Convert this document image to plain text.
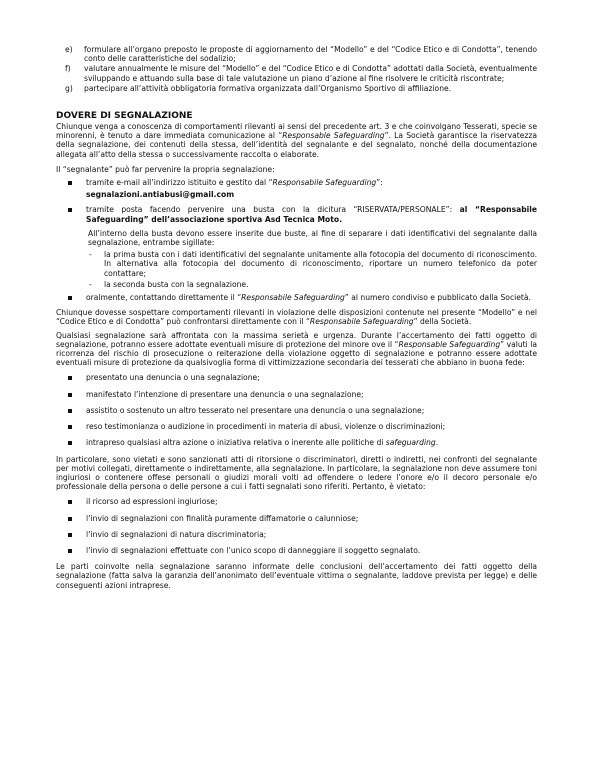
e) formulare all’organo preposto le proposte di aggiornamento del “Modello” e del “Codice Etico e di Condotta”, tenendo conto delle caratteristiche del sodalizio;
f) valutare annualmente le misure del “Modello” e del “Codice Etico e di Condotta” adottati dalla Società, eventualmente sviluppando e attuando sulla base di tale valutazione un piano d’azione al fine risolvere le criticità riscontrate;
g) partecipare all’attività obbligatoria formativa organizzata dall’Organismo Sportivo di affiliazione.
DOVERE DI SEGNALAZIONE

Chiunque venga a conoscenza di comportamenti rilevanti ai sensi del precedente art. 3 e che coinvolgano Tesserati, specie se minorenni, è tenuto a dare immediata comunicazione al “Responsable Safeguarding”. La Società garantisce la riservatezza della segnalazione, dei contenuti della stessa, dell’identità del segnalante e del segnalato, nonché della documentazione allegata all’atto della stessa o successivamente raccolta o elaborate.

Il “segnalante” può far pervenire la propria segnalazione:

tramite e-mail all’indirizzo istituito e gestito dal “Responsabile Safeguarding”:
segnalazioni.antiabusi@gmail.com
tramite posta facendo pervenire una busta con la dicitura “RISERVATA/PERSONALE”: al “Responsabile Safeguarding” dell’associazione sportiva Asd Tecnica Moto.

All’interno della busta devono essere inserite due buste, al fine di separare i dati identificativi del segnalante dalla segnalazione, entrambe sigillate:

- la prima busta con i dati identificativi del segnalante unitamente alla fotocopia del documento di riconoscimento. In alternativa alla fotocopia del documento di riconoscimento, riportare un numero telefonico da poter contattare;
- la seconda busta con la segnalazione.
oralmente, contattando direttamente il “Responsabile Safeguarding” al numero condiviso e pubblicato dalla Società.

Chiunque dovesse sospettare comportamenti rilevanti in violazione delle disposizioni contenute nel presente “Modello” e nel “Codice Etico e di Condotta” può confrontarsi direttamente con il “Responsabile Safeguarding” della Società.

Qualsiasi segnalazione sarà affrontata con la massima serietà e urgenza. Durante l’accertamento dei fatti oggetto di segnalazione, potranno essere adottate eventuali misure di protezione del minore ove il “Responsable Safeguarding” valuti la ricorrenza del rischio di prosecuzione o reiterazione della violazione oggetto di segnalazione e potranno essere adottate eventuali misure di protezione da qualsivoglia forma di vittimizzazione secondaria dei tesserati che abbiano in buona fede:

presentato una denuncia o una segnalazione;
manifestato l’intenzione di presentare una denuncia o una segnalazione;
assistito o sostenuto un altro tesserato nel presentare una denuncia o una segnalazione;
reso testimonianza o audizione in procedimenti in materia di abusi, violenze o discriminazioni;
intrapreso qualsiasi altra azione o iniziativa relativa o inerente alle politiche di safeguarding.

In particolare, sono vietati e sono sanzionati atti di ritorsione o discriminatori, diretti o indiretti, nei confronti del segnalante per motivi collegati, direttamente o indirettamente, alla segnalazione. In particolare, la segnalazione non deve assumere toni ingiuriosi o contenere offese personali o giudizi morali volti ad offendere o ledere l’onore e/o il decoro personale e/o professionale della persona o delle persone a cui i fatti segnalati sono riferiti. Pertanto, è vietato:

il ricorso ad espressioni ingiuriose;
l’invio di segnalazioni con finalità puramente diffamatorie o calunniose;
l’invio di segnalazioni di natura discriminatoria;
l’invio di segnalazioni effettuate con l’unico scopo di danneggiare il soggetto segnalato.

Le parti coinvolte nella segnalazione saranno informate delle conclusioni dell’accertamento dei fatti oggetto della segnalazione (fatta salva la garanzia dell’anonimato dell’eventuale vittima o segnalante, laddove prevista per legge) e delle conseguenti azioni intraprese.
